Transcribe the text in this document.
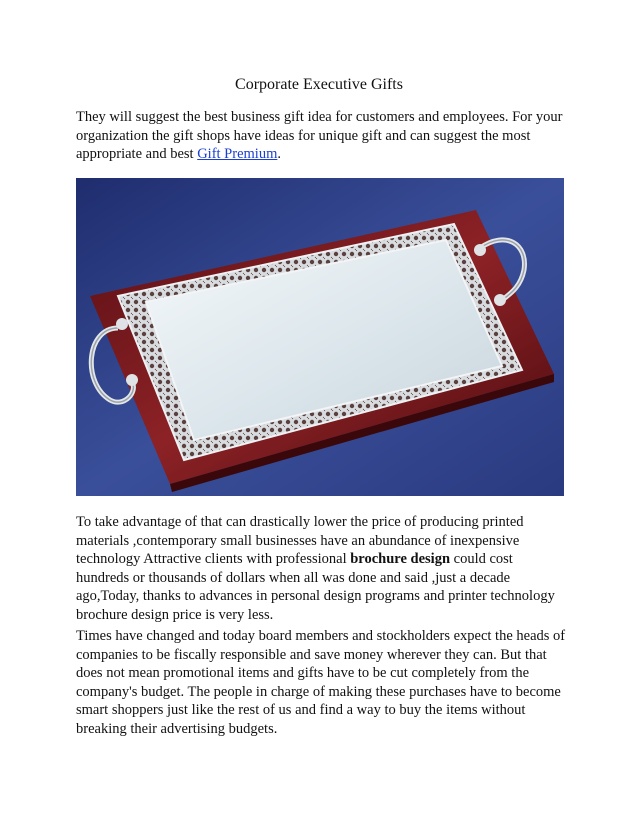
Corporate Executive Gifts

They will suggest the best business gift idea for customers and employees. For your organization the gift shops have ideas for unique gift and can suggest the most appropriate and best Gift Premium.

To take advantage of that can drastically lower the price of producing printed materials ,contemporary small businesses have an abundance of inexpensive technology Attractive clients with professional brochure design could cost hundreds or thousands of dollars when all was done and said ,just a decade ago,Today, thanks to advances in personal design programs and printer technology brochure design price is very less.

Times have changed and today board members and stockholders expect the heads of companies to be fiscally responsible and save money wherever they can. But that does not mean promotional items and gifts have to be cut completely from the company's budget. The people in charge of making these purchases have to become smart shoppers just like the rest of us and find a way to buy the items without breaking their advertising budgets.
